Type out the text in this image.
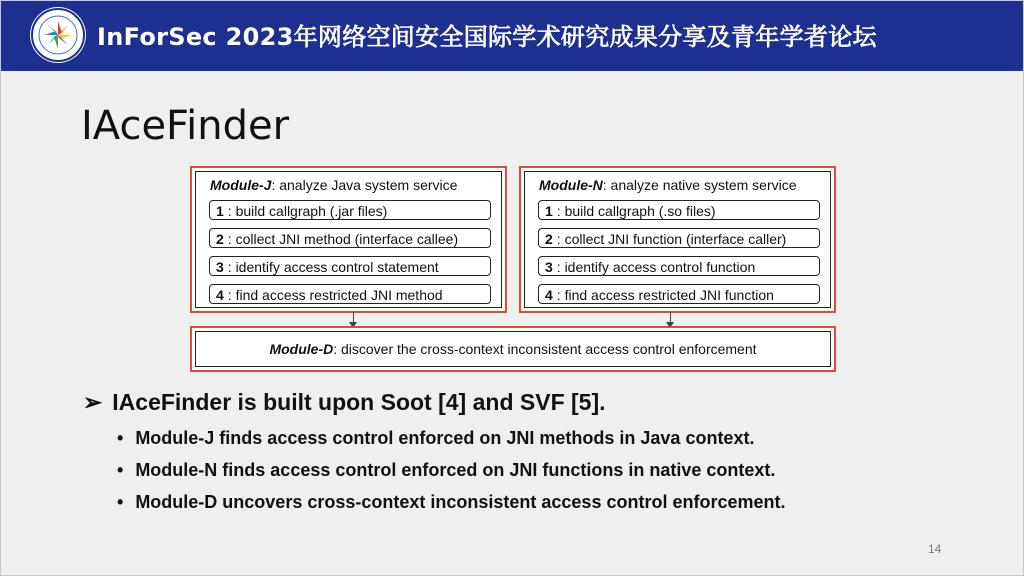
InForSec 2023年网络空间安全国际学术研究成果分享及青年学者论坛
IAceFinder
Module-J: analyze Java system service
1 : build callgraph (.jar files)
2 : collect JNI method (interface callee)
3 : identify access control statement
4 : find access restricted JNI method
Module-N: analyze native system service
1 : build callgraph (.so files)
2 : collect JNI function (interface caller)
3 : identify access control function
4 : find access restricted JNI function
Module-D: discover the cross-context inconsistent access control enforcement
➢ IAceFinder is built upon Soot [4] and SVF [5].
• Module-J finds access control enforced on JNI methods in Java context.
• Module-N finds access control enforced on JNI functions in native context.
• Module-D uncovers cross-context inconsistent access control enforcement.
14
